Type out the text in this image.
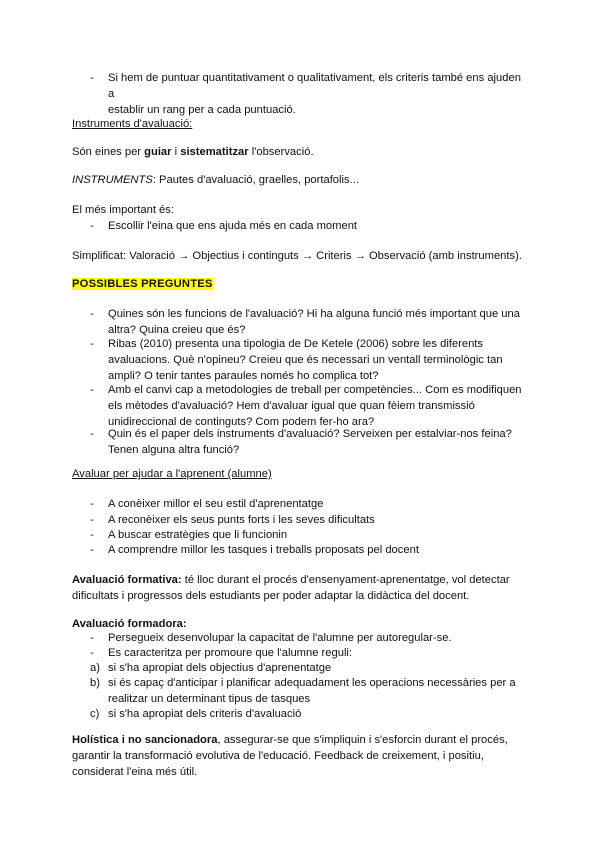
-	Si hem de puntuar quantitativament o qualitativament, els criteris també ens ajuden a
establir un rang per a cada puntuació.

Instruments d'avaluació:

Són eines per guiar i sistematitzar l'observació.

INSTRUMENTS: Pautes d'avaluació, graelles, portafolis...

El més important és:

-	Escollir l'eina que ens ajuda més en cada moment

Simplificat: Valoració → Objectius i continguts → Criteris → Observació (amb instruments).

POSSIBLES PREGUNTES

-	Quines són les funcions de l'avaluació? Hi ha alguna funció més important que una
altra? Quina creieu que és?

-	Ribas (2010) presenta una tipologia de De Ketele (2006) sobre les diferents
avaluacions. Què n'opineu? Creieu que és necessari un ventall terminològic tan
ampli? O tenir tantes paraules només ho complica tot?

-	Amb el canvi cap a metodologies de treball per competències... Com es modifiquen
els mètodes d'avaluació? Hem d'avaluar igual que quan fèiem transmissió
unidireccional de continguts? Com podem fer-ho ara?

-	Quin és el paper dels instruments d'avaluació? Serveixen per estalviar-nos feina?
Tenen alguna altra funció?

Avaluar per ajudar a l'aprenent (alumne)

-	A conèixer millor el seu estil d'aprenentatge

-	A reconèixer els seus punts forts i les seves dificultats

-	A buscar estratègies que li funcionin

-	A comprendre millor les tasques i treballs proposats pel docent

Avaluació formativa: té lloc durant el procés d'ensenyament-aprenentatge, vol detectar
dificultats i progressos dels estudiants per poder adaptar la didàctica del docent.

Avaluació formadora:

-	Persegueix desenvolupar la capacitat de l'alumne per autoregular-se.

-	Es caracteritza per promoure que l'alumne reguli:

a) si s'ha apropiat dels objectius d'aprenentatge

b) si és capaç d'anticipar i planificar adequadament les operacions necessàries per a
realitzar un determinant tipus de tasques

c) si s'ha apropiat dels criteris d'avaluació

Holística i no sancionadora, assegurar-se que s'impliquin i s'esforcin durant el procés,
garantir la transformació evolutiva de l'educació. Feedback de creixement, i positiu,
considerat l'eina més útil.
